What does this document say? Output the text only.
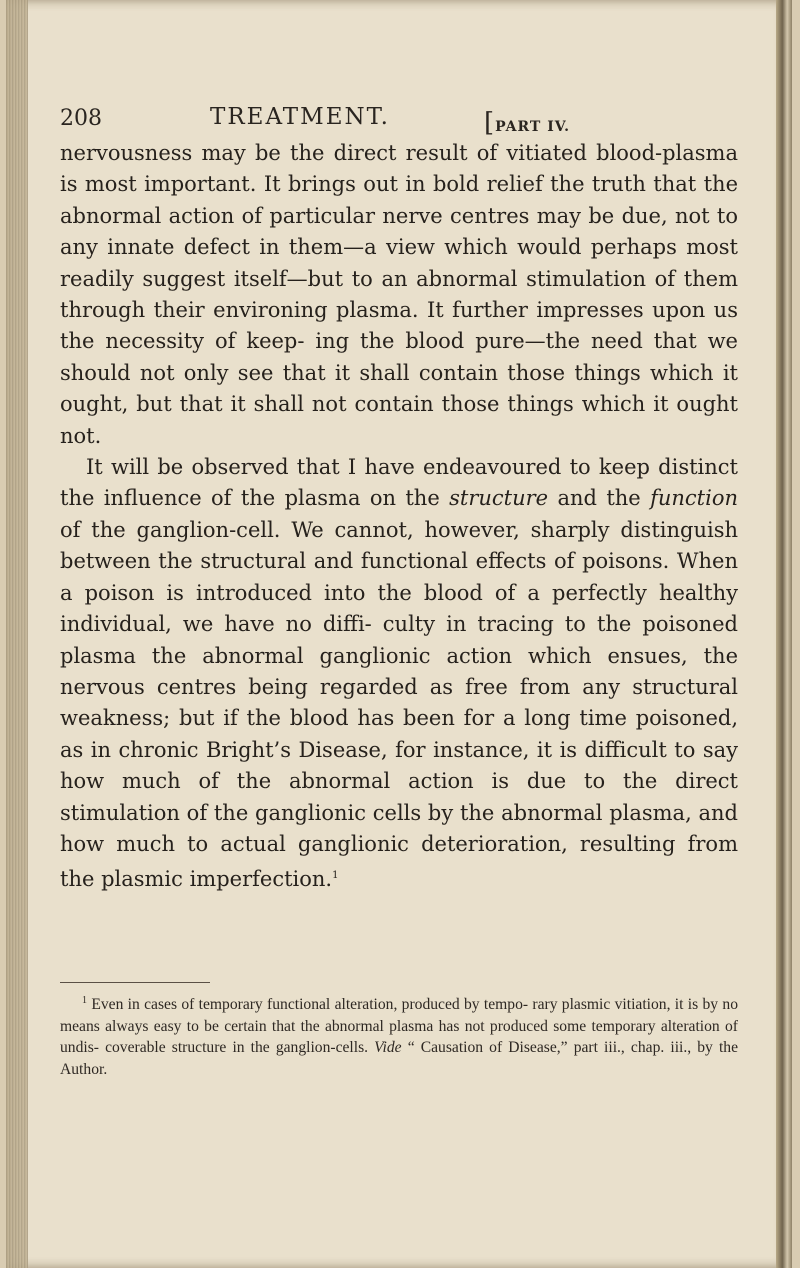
208	TREATMENT.	[PART IV.

nervousness may be the direct result of vitiated blood-plasma is most important. It brings out in bold relief the truth that the abnormal action of particular nerve centres may be due, not to any innate defect in them—a view which would perhaps most readily suggest itself—but to an abnormal stimulation of them through their environing plasma. It further impresses upon us the necessity of keep- ing the blood pure—the need that we should not only see that it shall contain those things which it ought, but that it shall not contain those things which it ought not.

It will be observed that I have endeavoured to keep distinct the influence of the plasma on the structure and the function of the ganglion-cell. We cannot, however, sharply distinguish between the structural and functional effects of poisons. When a poison is introduced into the blood of a perfectly healthy individual, we have no diffi- culty in tracing to the poisoned plasma the abnormal ganglionic action which ensues, the nervous centres being regarded as free from any structural weakness; but if the blood has been for a long time poisoned, as in chronic Bright’s Disease, for instance, it is difficult to say how much of the abnormal action is due to the direct stimulation of the ganglionic cells by the abnormal plasma, and how much to actual ganglionic deterioration, resulting from the plasmic imperfection.$^1$

$^1$ Even in cases of temporary functional alteration, produced by tempo- rary plasmic vitiation, it is by no means always easy to be certain that the abnormal plasma has not produced some temporary alteration of undis- coverable structure in the ganglion-cells. Vide “ Causation of Disease,” part iii., chap. iii., by the Author.
